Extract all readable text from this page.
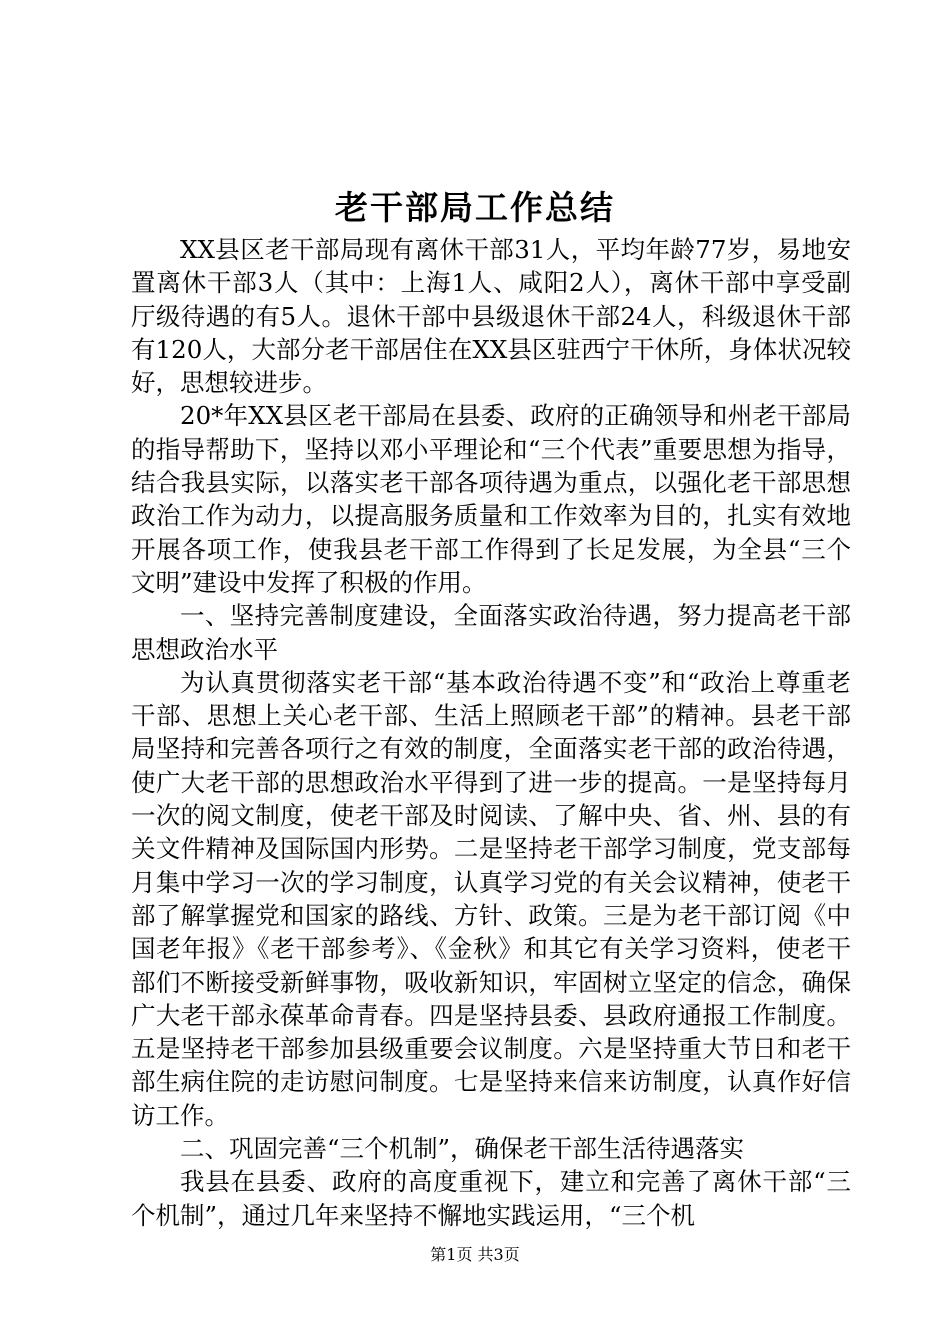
老干部局工作总结

XX县区老干部局现有离休干部31人，平均年龄77岁，易地安置离休干部3人（其中：上海1人、咸阳2人），离休干部中享受副厅级待遇的有5人。退休干部中县级退休干部24人，科级退休干部有120人，大部分老干部居住在XX县区驻西宁干休所，身体状况较好，思想较进步。

20*年XX县区老干部局在县委、政府的正确领导和州老干部局的指导帮助下，坚持以邓小平理论和“三个代表”重要思想为指导，结合我县实际，以落实老干部各项待遇为重点，以强化老干部思想政治工作为动力，以提高服务质量和工作效率为目的，扎实有效地开展各项工作，使我县老干部工作得到了长足发展，为全县“三个文明”建设中发挥了积极的作用。

一、坚持完善制度建设，全面落实政治待遇，努力提高老干部思想政治水平

为认真贯彻落实老干部“基本政治待遇不变”和“政治上尊重老干部、思想上关心老干部、生活上照顾老干部”的精神。县老干部局坚持和完善各项行之有效的制度，全面落实老干部的政治待遇，使广大老干部的思想政治水平得到了进一步的提高。一是坚持每月一次的阅文制度，使老干部及时阅读、了解中央、省、州、县的有关文件精神及国际国内形势。二是坚持老干部学习制度，党支部每月集中学习一次的学习制度，认真学习党的有关会议精神，使老干部了解掌握党和国家的路线、方针、政策。三是为老干部订阅《中国老年报》《老干部参考》、《金秋》和其它有关学习资料，使老干部们不断接受新鲜事物，吸收新知识，牢固树立坚定的信念，确保广大老干部永葆革命青春。四是坚持县委、县政府通报工作制度。五是坚持老干部参加县级重要会议制度。六是坚持重大节日和老干部生病住院的走访慰问制度。七是坚持来信来访制度，认真作好信访工作。

二、巩固完善“三个机制”，确保老干部生活待遇落实

我县在县委、政府的高度重视下，建立和完善了离休干部“三个机制”，通过几年来坚持不懈地实践运用，“三个机

第1页 共3页
